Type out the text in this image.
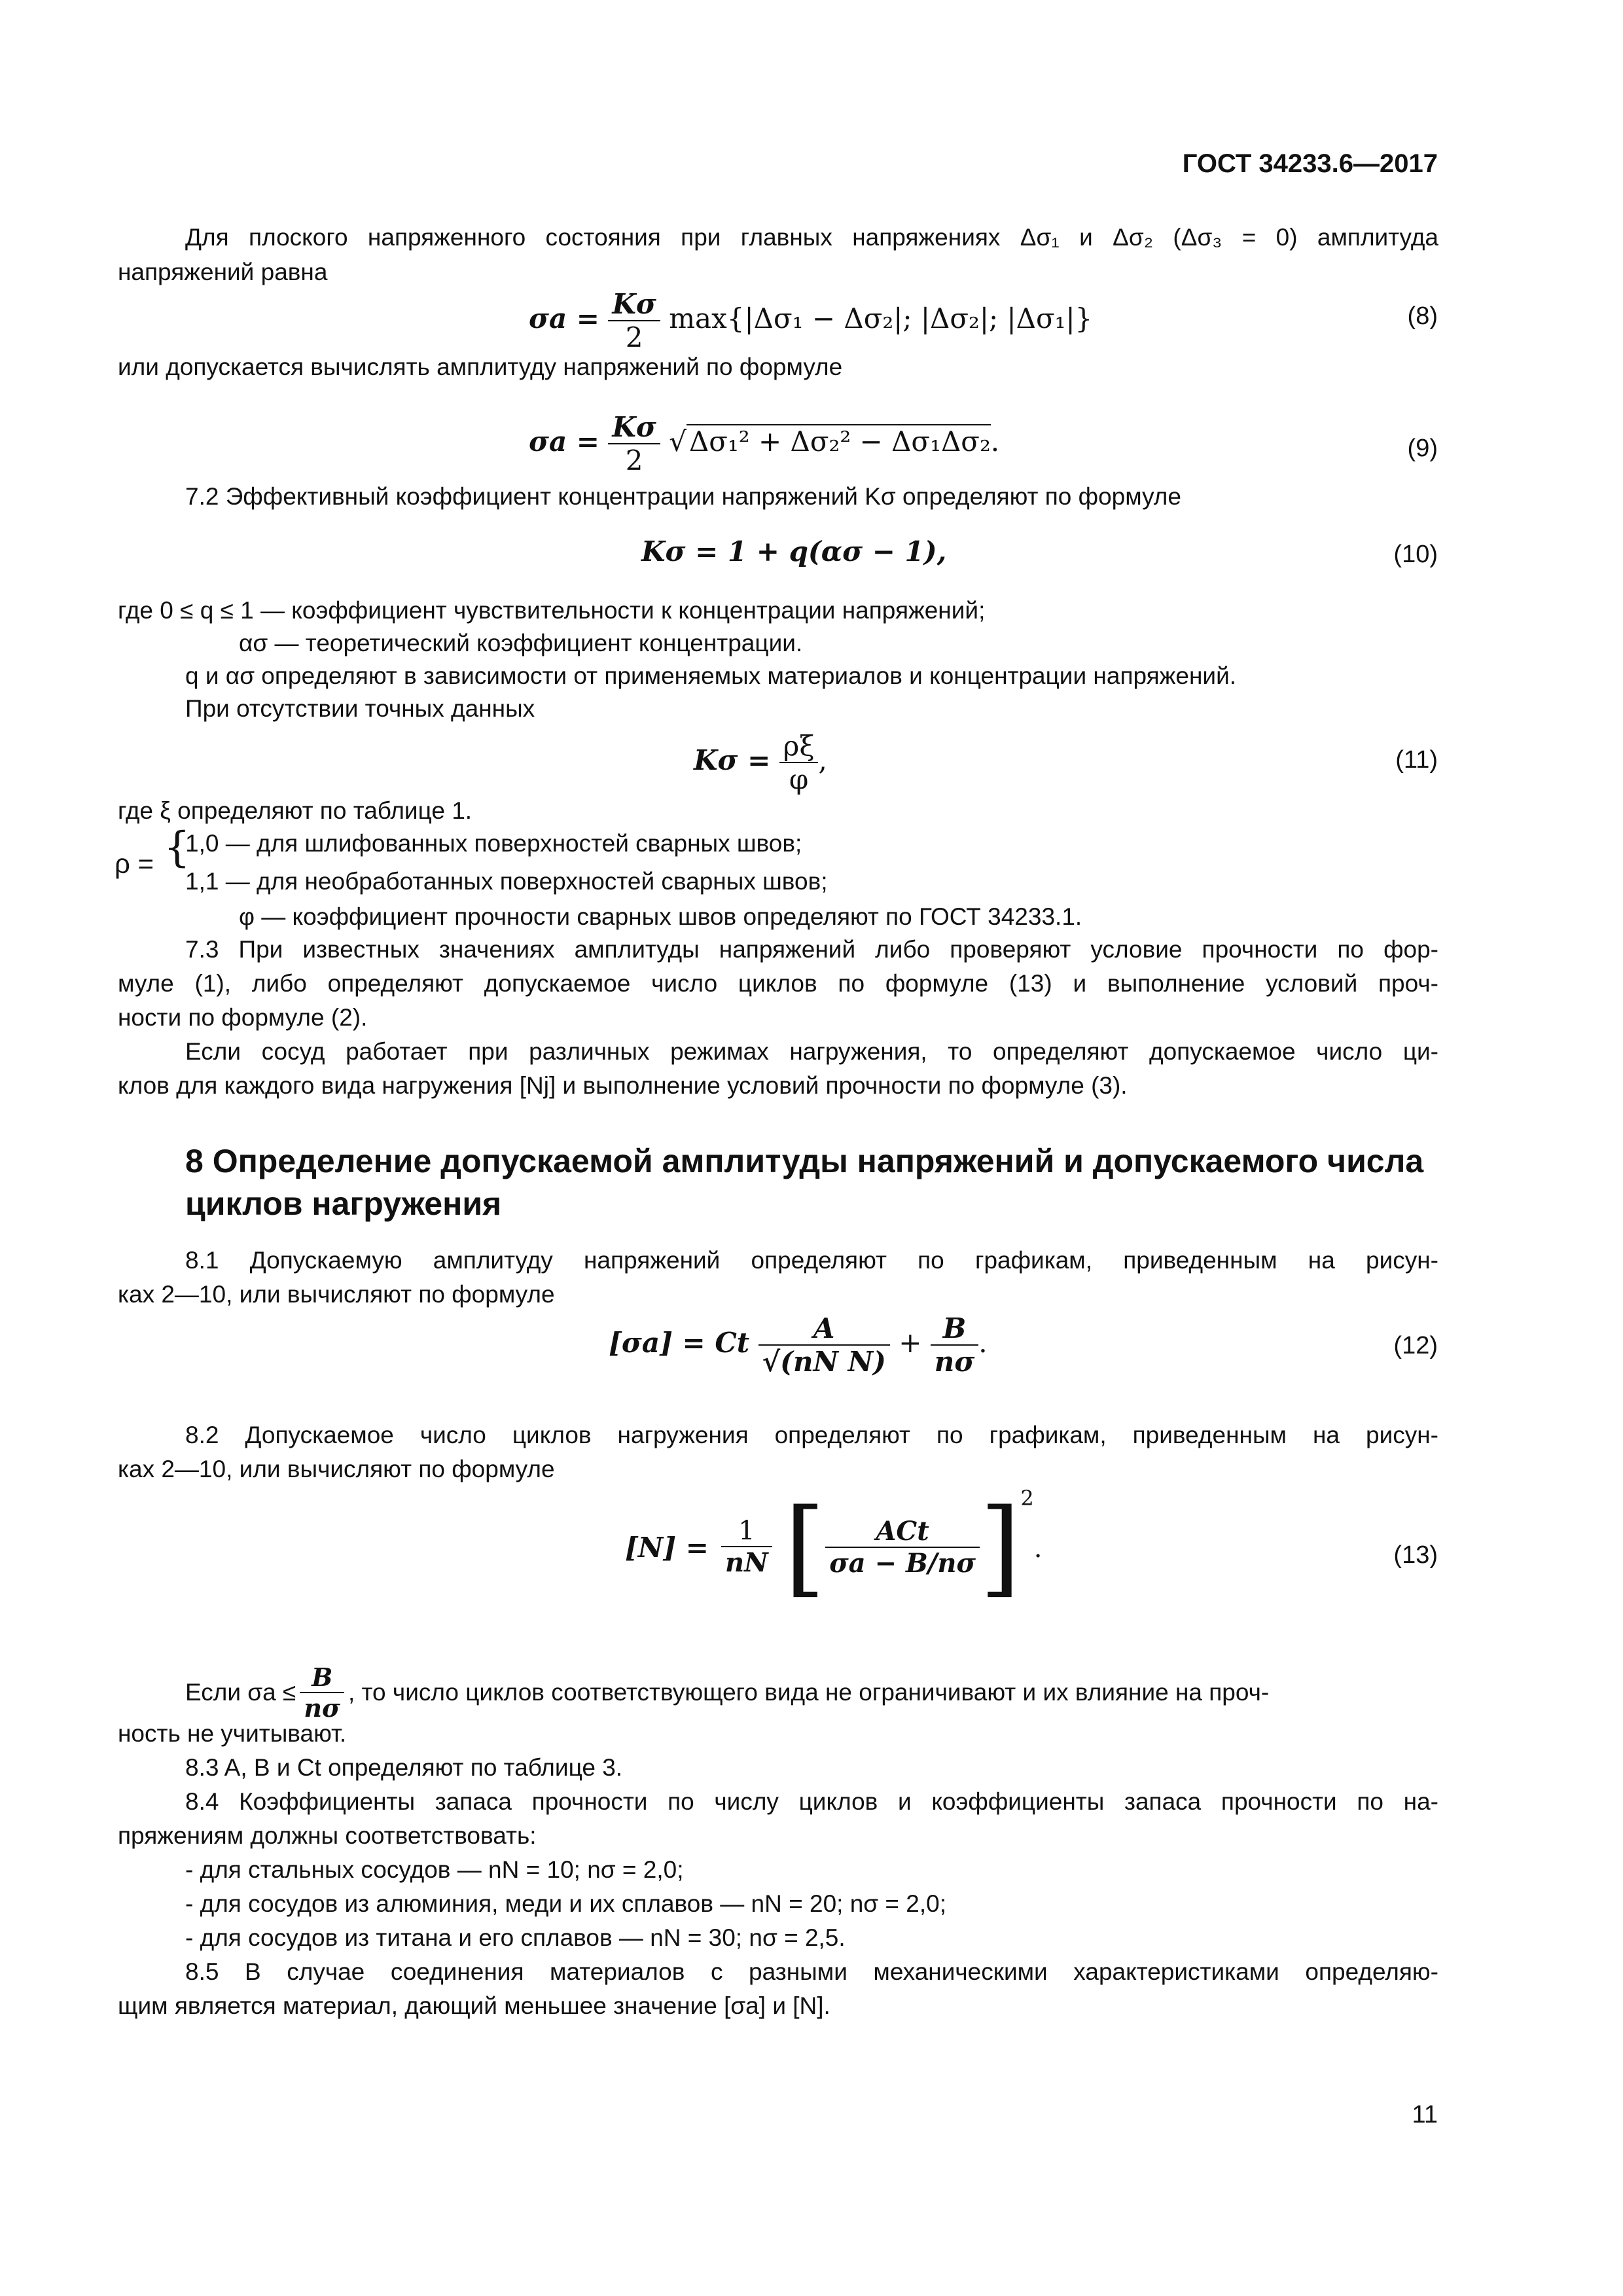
ГОСТ 34233.6—2017
Для плоского напряженного состояния при главных напряжениях Δσ₁ и Δσ₂ (Δσ₃ = 0) амплитуда
напряжений равна
$\sigma a = \frac{K\sigma}{2} \max\{|\Delta\sigma_1 - \Delta\sigma_2|$; |Δσ₂|; |Δσ₁|}	(8)
или допускается вычислять амплитуду напряжений по формуле
$\sigma a = \frac{K\sigma}{2} √\Delta\sigma_1^2 + \Delta\sigma_2^2 - \Delta\sigma_1\Delta\sigma_2$.	(9)
7.2 Эффективный коэффициент концентрации напряжений Kσ определяют по формуле
Kσ = 1 + q(ασ − 1),	(10)
где 0 ≤ q ≤ 1 — коэффициент чувствительности к концентрации напряжений;
ασ — теоретический коэффициент концентрации.
q и ασ определяют в зависимости от применяемых материалов и концентрации напряжений.
При отсутствии точных данных
$K\sigma = \frac{\rho\xi}{\varphi}$ ,	(11)
где ξ определяют по таблице 1.
ρ = {
1,0 — для шлифованных поверхностей сварных швов;
1,1 — для необработанных поверхностей сварных швов;
φ — коэффициент прочности сварных швов определяют по ГОСТ 34233.1.
7.3 При известных значениях амплитуды напряжений либо проверяют условие прочности по фор-
муле (1), либо определяют допускаемое число циклов по формуле (13) и выполнение условий проч-
ности по формуле (2).
Если сосуд работает при различных режимах нагружения, то определяют допускаемое число ци-
клов для каждого вида нагружения [Nj] и выполнение условий прочности по формуле (3).
8 Определение допускаемой амплитуды напряжений и допускаемого числа
циклов нагружения
8.1 Допускаемую амплитуду напряжений определяют по графикам, приведенным на рисун-
ках 2—10, или вычисляют по формуле
[σa] = Ct $\frac{A}{\text{√(nN N)}} + \frac{B}{n\sigma}$ .	(12)
8.2 Допускаемое число циклов нагружения определяют по графикам, приведенным на рисун-
ках 2—10, или вычисляют по формуле
$[N] = \frac{1}{nN}$ [ $\frac{\text{ACt}}{\sigma a - B/n\sigma} ]^2$.	(13)
Если $\sigma a \le \frac{B}{n\sigma}$ , то число циклов соответствующего вида не ограничивают и их влияние на проч-
ность не учитывают.
8.3 A, B и Ct определяют по таблице 3.
8.4 Коэффициенты запаса прочности по числу циклов и коэффициенты запаса прочности по на-
пряжениям должны соответствовать:
- для стальных сосудов — nN = 10; nσ = 2,0;
- для сосудов из алюминия, меди и их сплавов — nN = 20; nσ = 2,0;
- для сосудов из титана и его сплавов — nN = 30; nσ = 2,5.
8.5 В случае соединения материалов с разными механическими характеристиками определяю-
щим является материал, дающий меньшее значение [σa] и [N].
11
